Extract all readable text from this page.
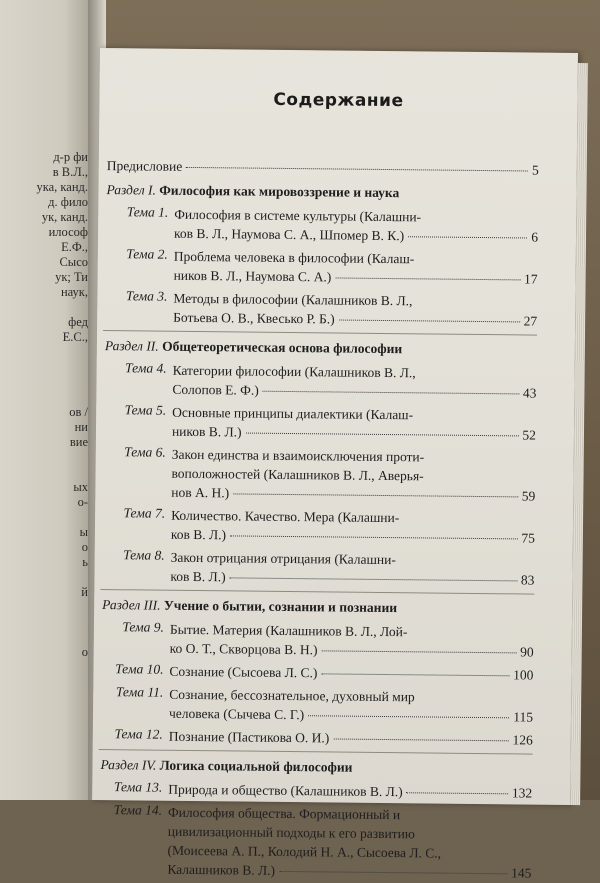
д-р фи
в В.Л.,
ука, канд.
д. фило
ук, канд.
илософ
Е.Ф.,
Сысо
ук; Ти
наук,
фед
Е.С.,
ов /
ни
вие
ых
о-
ы
о
ь
й
о
Содержание
Предисловие	5
Раздел I. Философия как мировоззрение и наука
Тема 1. Философия в системе культуры (Калашни-
ков В. Л., Наумова С. А., Шпомер В. К.)	6
Тема 2. Проблема человека в философии (Калаш-
ников В. Л., Наумова С. А.)	17
Тема 3. Методы в философии (Калашников В. Л.,
Ботьева О. В., Квесько Р. Б.)	27
Раздел II. Общетеоретическая основа философии
Тема 4. Категории философии (Калашников В. Л.,
Солопов Е. Ф.)	43
Тема 5. Основные принципы диалектики (Калаш-
ников В. Л.)	52
Тема 6. Закон единства и взаимоисключения проти-
воположностей (Калашников В. Л., Аверья-
нов А. Н.)	59
Тема 7. Количество. Качество. Мера (Калашни-
ков В. Л.)	75
Тема 8. Закон отрицания отрицания (Калашни-
ков В. Л.)	83
Раздел III. Учение о бытии, сознании и познании
Тема 9. Бытие. Материя (Калашников В. Л., Лой-
ко О. Т., Скворцова В. Н.)	90
Тема 10. Сознание (Сысоева Л. С.)	100
Тема 11. Сознание, бессознательное, духовный мир
человека (Сычева С. Г.)	115
Тема 12. Познание (Пастикова О. И.)	126
Раздел IV. Логика социальной философии
Тема 13. Природа и общество (Калашников В. Л.)	132
Тема 14. Философия общества. Формационный и
цивилизационный подходы к его развитию
(Моисеева А. П., Колодий Н. А., Сысоева Л. С.,
Калашников В. Л.)	145
